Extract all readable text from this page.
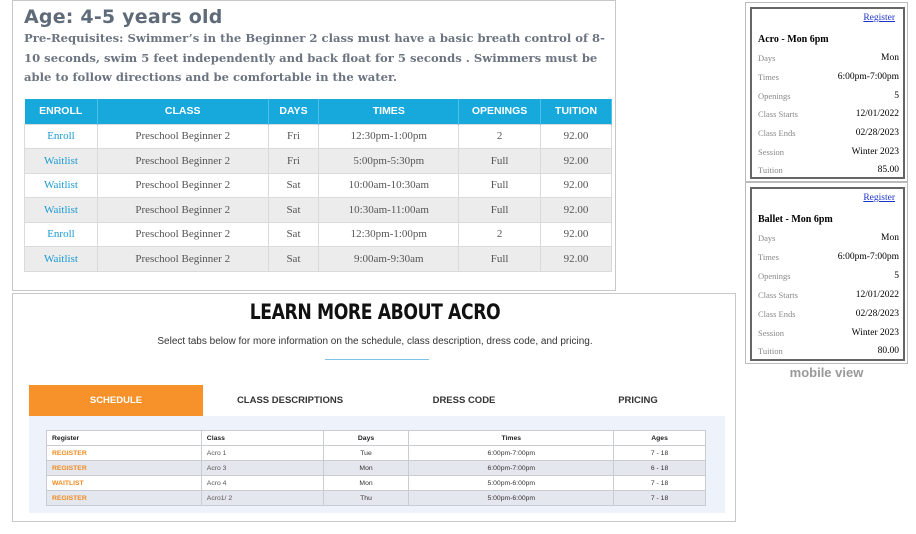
Age: 4-5 years old
Pre-Requisites: Swimmer’s in the Beginner 2 class must have a basic breath control of 8-10 seconds, swim 5 feet independently and back float for 5 seconds . Swimmers must be able to follow directions and be comfortable in the water.
ENROLL	CLASS	DAYS	TIMES	OPENINGS	TUITION
Enroll	Preschool Beginner 2	Fri	12:30pm-1:00pm	2	92.00
Waitlist	Preschool Beginner 2	Fri	5:00pm-5:30pm	Full	92.00
Waitlist	Preschool Beginner 2	Sat	10:00am-10:30am	Full	92.00
Waitlist	Preschool Beginner 2	Sat	10:30am-11:00am	Full	92.00
Enroll	Preschool Beginner 2	Sat	12:30pm-1:00pm	2	92.00
Waitlist	Preschool Beginner 2	Sat	9:00am-9:30am	Full	92.00
LEARN MORE ABOUT ACRO
Select tabs below for more information on the schedule, class description, dress code, and pricing.
SCHEDULE	CLASS DESCRIPTIONS	DRESS CODE	PRICING
Register	Class	Days	Times	Ages
REGISTER	Acro 1	Tue	6:00pm-7:00pm	7 - 18
REGISTER	Acro 3	Mon	6:00pm-7:00pm	6 - 18
WAITLIST	Acro 4	Mon	5:00pm-6:00pm	7 - 18
REGISTER	Acro1/ 2	Thu	5:00pm-6:00pm	7 - 18
Register
Acro - Mon 6pm
Days	Mon
Times	6:00pm-7:00pm
Openings	5
Class Starts	12/01/2022
Class Ends	02/28/2023
Session	Winter 2023
Tuition	85.00
Register
Ballet - Mon 6pm
Days	Mon
Times	6:00pm-7:00pm
Openings	5
Class Starts	12/01/2022
Class Ends	02/28/2023
Session	Winter 2023
Tuition	80.00
mobile view
